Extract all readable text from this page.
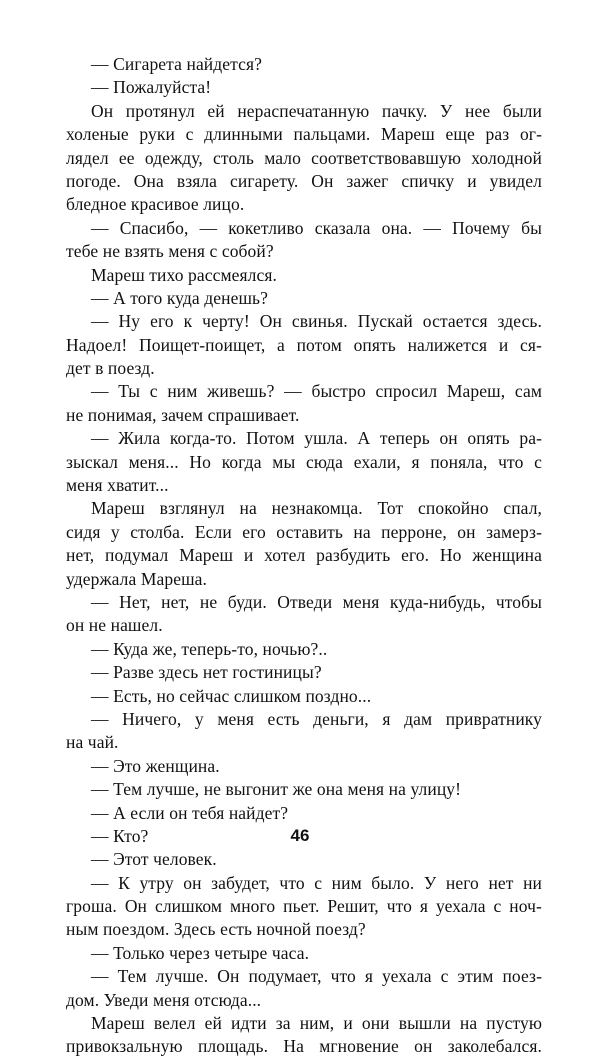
— Сигарета найдется?
— Пожалуйста!
Он протянул ей нераспечатанную пачку. У нее были
холеные руки с длинными пальцами. Мареш еще раз ог-
лядел ее одежду, столь мало соответствовавшую холодной
погоде. Она взяла сигарету. Он зажег спичку и увидел
бледное красивое лицо.
— Спасибо, — кокетливо сказала она. — Почему бы
тебе не взять меня с собой?
Мареш тихо рассмеялся.
— А того куда денешь?
— Ну его к черту! Он свинья. Пускай остается здесь.
Надоел! Поищет-поищет, а потом опять налижется и ся-
дет в поезд.
— Ты с ним живешь? — быстро спросил Мареш, сам
не понимая, зачем спрашивает.
— Жила когда-то. Потом ушла. А теперь он опять ра-
зыскал меня... Но когда мы сюда ехали, я поняла, что с
меня хватит...
Мареш взглянул на незнакомца. Тот спокойно спал,
сидя у столба. Если его оставить на перроне, он замерз-
нет, подумал Мареш и хотел разбудить его. Но женщина
удержала Мареша.
— Нет, нет, не буди. Отведи меня куда-нибудь, чтобы
он не нашел.
— Куда же, теперь-то, ночью?..
— Разве здесь нет гостиницы?
— Есть, но сейчас слишком поздно...
— Ничего, у меня есть деньги, я дам привратнику
на чай.
— Это женщина.
— Тем лучше, не выгонит же она меня на улицу!
— А если он тебя найдет?
— Кто?
— Этот человек.
— К утру он забудет, что с ним было. У него нет ни
гроша. Он слишком много пьет. Решит, что я уехала с ноч-
ным поездом. Здесь есть ночной поезд?
— Только через четыре часа.
— Тем лучше. Он подумает, что я уехала с этим поез-
дом. Уведи меня отсюда...
Мареш велел ей идти за ним, и они вышли на пустую
привокзальную площадь. На мгновение он заколебался.
46
